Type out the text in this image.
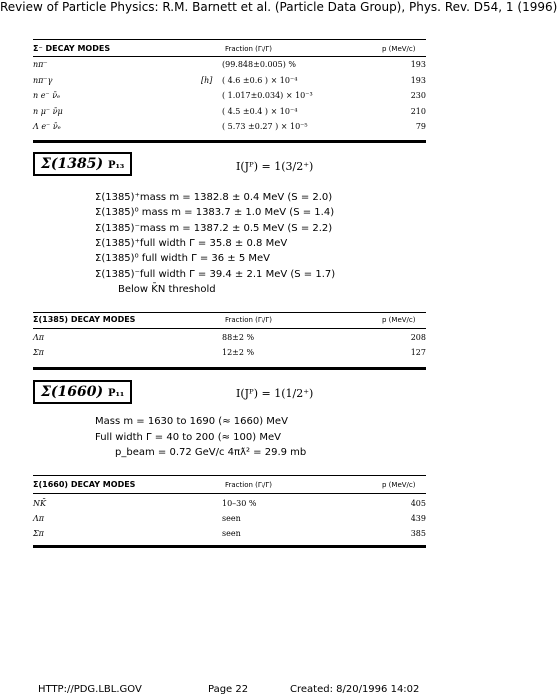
Review of Particle Physics: R.M. Barnett et al. (Particle Data Group), Phys. Rev. D54, 1 (1996)
Σ⁻ DECAY MODES	Fraction (Γᵢ/Γ)	p (MeV/c)
nπ⁻	(99.848±0.005) %	193
nπ⁻γ	[h] ( 4.6 ±0.6 ) × 10⁻⁴	193
n e⁻ ν̄ₑ	( 1.017±0.034) × 10⁻³	230
n μ⁻ ν̄μ	( 4.5 ±0.4 ) × 10⁻⁴	210
Λ e⁻ ν̄ₑ	( 5.73 ±0.27 ) × 10⁻⁵	79
Σ(1385) P₁₃	I(Jᴾ) = 1(3/2⁺)
Σ(1385)⁺mass m = 1382.8 ± 0.4 MeV (S = 2.0)
Σ(1385)⁰ mass m = 1383.7 ± 1.0 MeV (S = 1.4)
Σ(1385)⁻mass m = 1387.2 ± 0.5 MeV (S = 2.2)
Σ(1385)⁺full width Γ = 35.8 ± 0.8 MeV
Σ(1385)⁰ full width Γ = 36 ± 5 MeV
Σ(1385)⁻full width Γ = 39.4 ± 2.1 MeV (S = 1.7)
Below K̄N threshold
Σ(1385) DECAY MODES	Fraction (Γᵢ/Γ)	p (MeV/c)
Λπ	88±2 %	208
Σπ	12±2 %	127
Σ(1660) P₁₁	I(Jᴾ) = 1(1/2⁺)
Mass m = 1630 to 1690 (≈ 1660) MeV
Full width Γ = 40 to 200 (≈ 100) MeV
p_beam = 0.72 GeV/c 4πƛ² = 29.9 mb
Σ(1660) DECAY MODES	Fraction (Γᵢ/Γ)	p (MeV/c)
NK̄	10–30 %	405
Λπ	seen	439
Σπ	seen	385
HTTP://PDG.LBL.GOV	Page 22	Created: 8/20/1996 14:02
